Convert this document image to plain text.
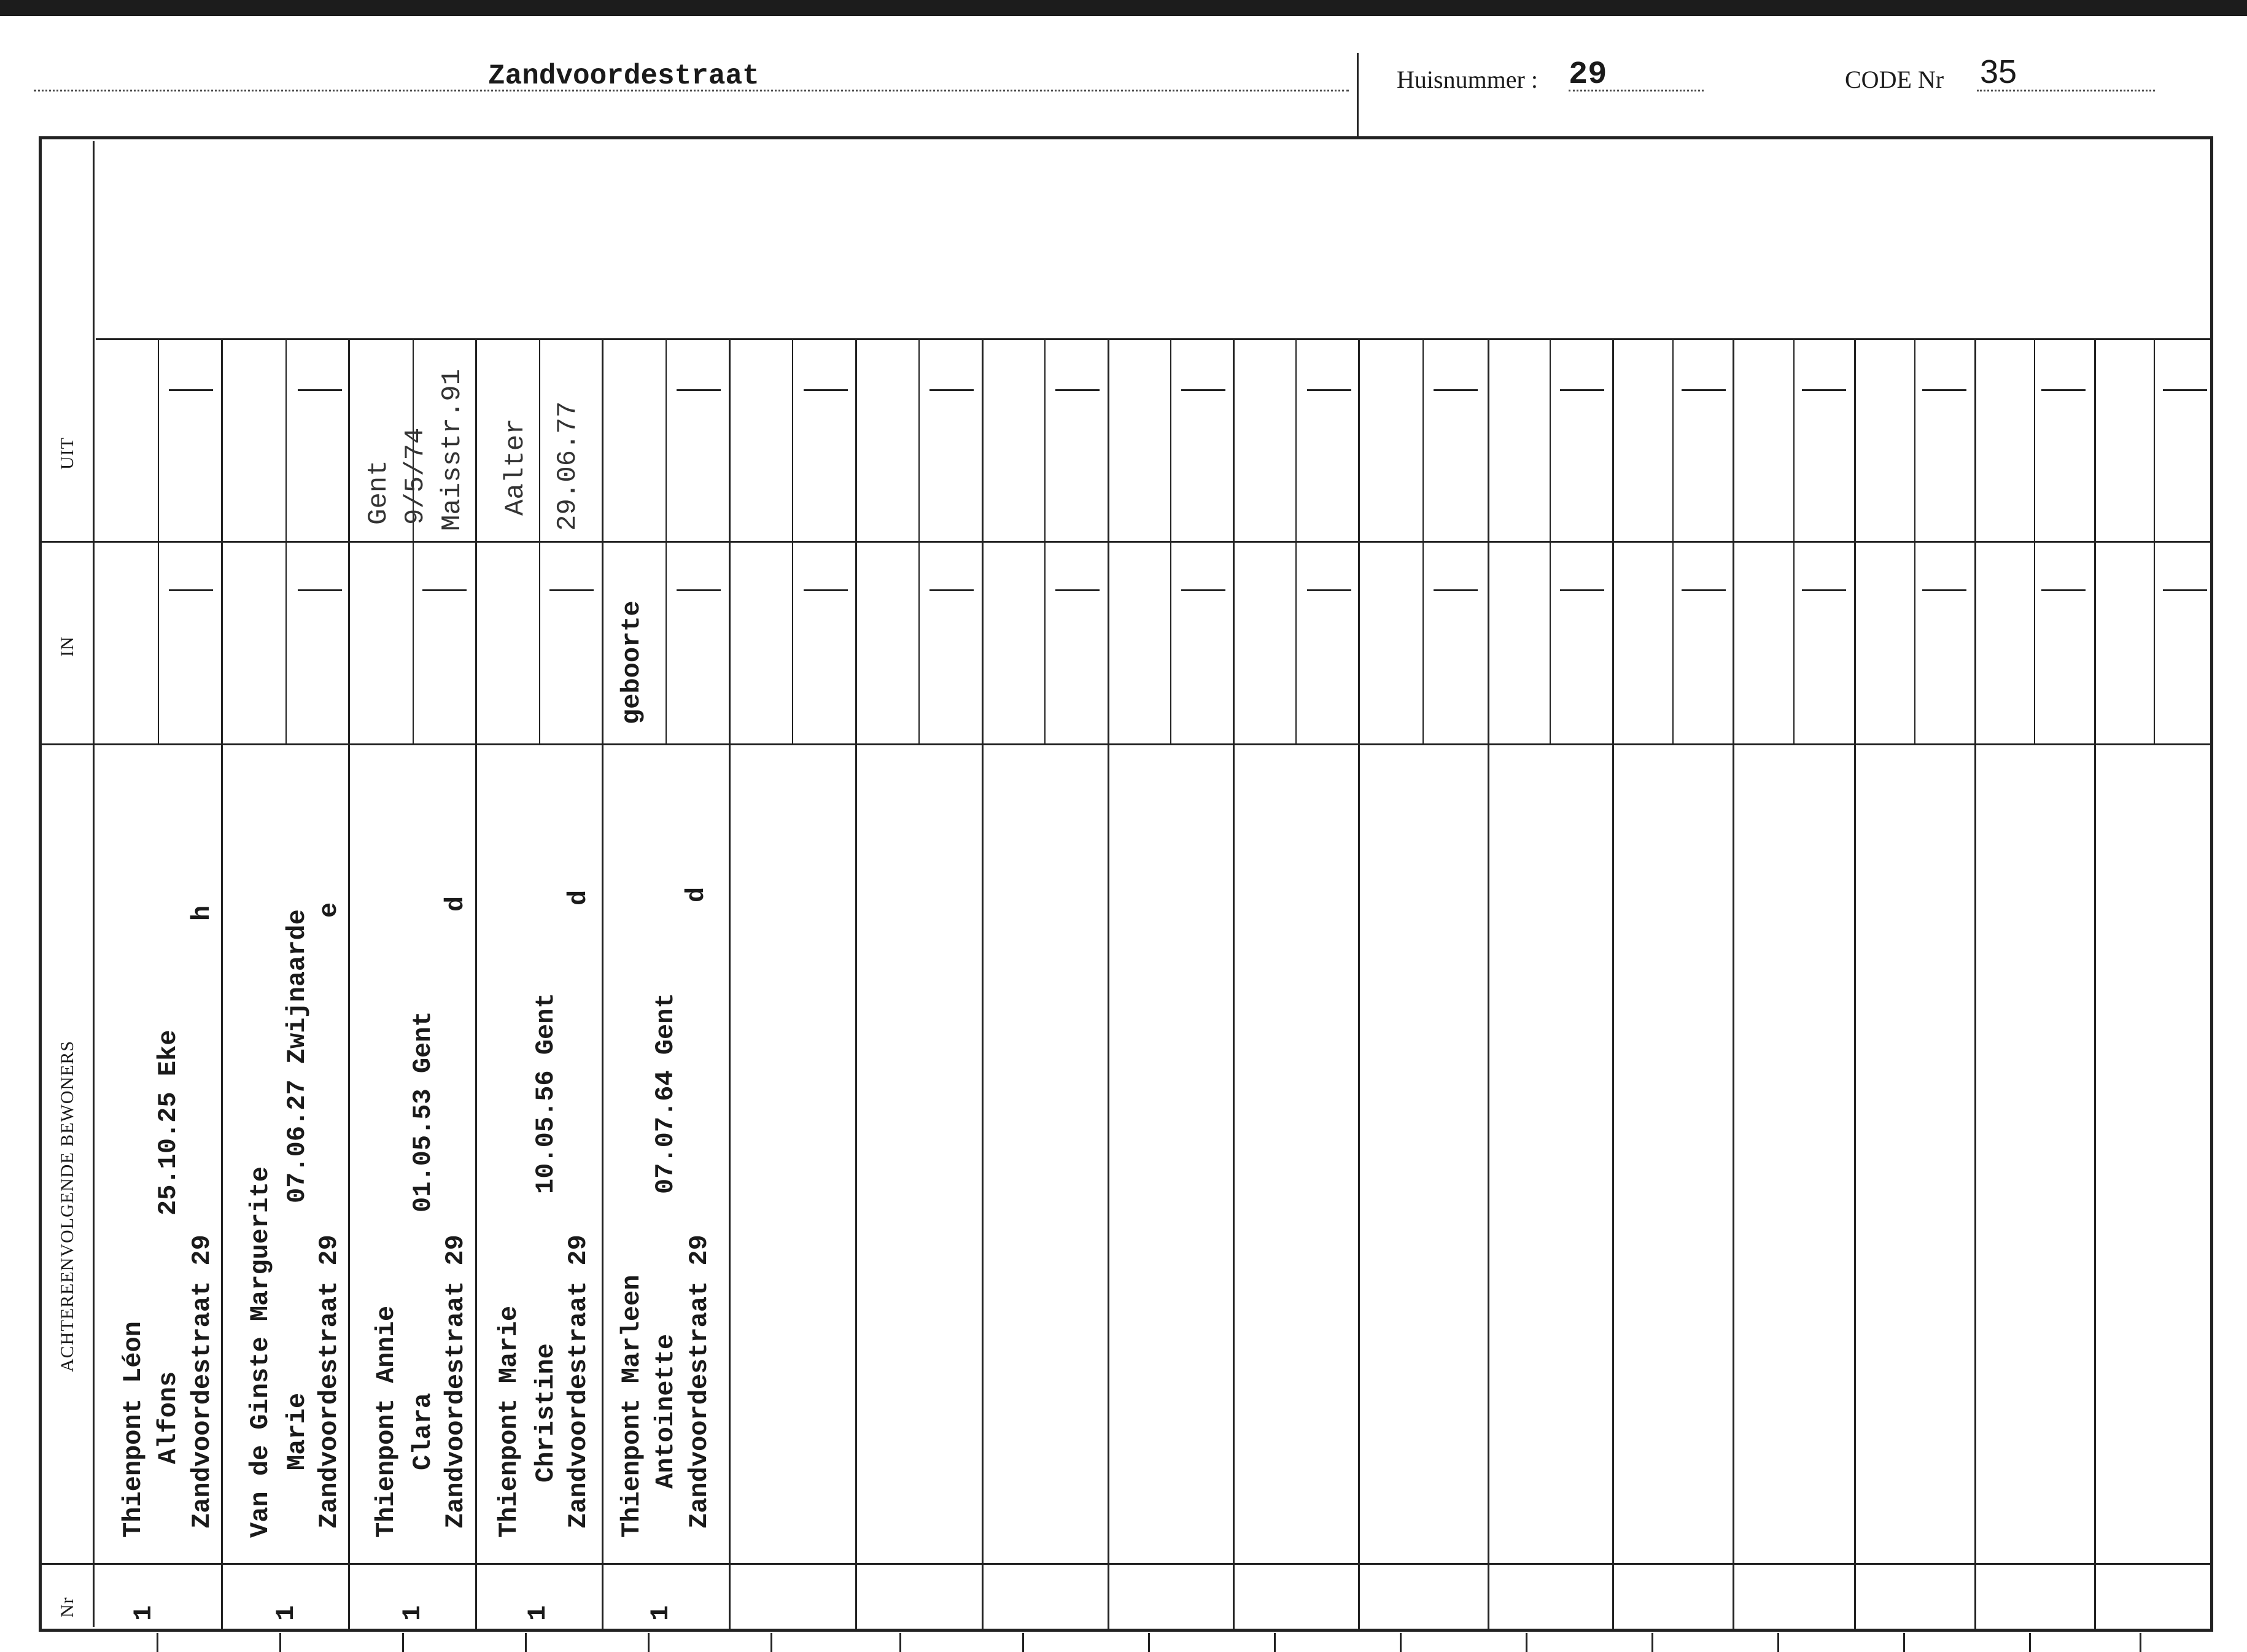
Zandvoordestraat	Huisnummer : 29	CODE Nr 35
UIT
IN
ACHTEREENVOLGENDE BEWONERS
Nr
Thienpont Léon Alfons
25.10.25 Eke
Zandvoordestraat 29
h
1
Van de Ginste Marguerite Marie
07.06.27 Zwijnaarde
Zandvoordestraat 29
e
1
Thienpont Annie Clara
01.05.53 Gent
Zandvoordestraat 29
d
1
Gent 9/5/74 Maisstr.91
Thienpont Marie Christine
10.05.56 Gent
Zandvoordestraat 29
d
1
Aalter 29.06.77
Thienpont Marleen Antoinette
07.07.64 Gent
Zandvoordestraat 29
d
1
geboorte
